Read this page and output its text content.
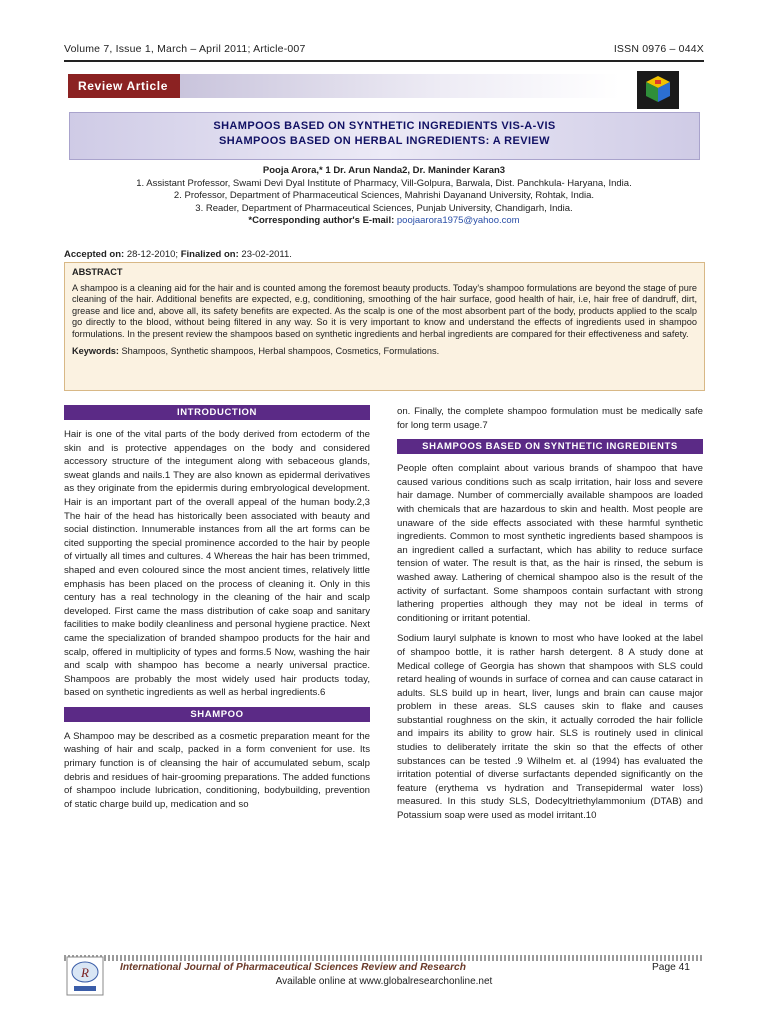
Volume 7, Issue 1, March – April 2011; Article-007	ISSN 0976 – 044X
Review Article
SHAMPOOS BASED ON SYNTHETIC INGREDIENTS VIS-A-VIS
SHAMPOOS BASED ON HERBAL INGREDIENTS: A REVIEW
Pooja Arora,* 1 Dr. Arun Nanda2, Dr. Maninder Karan3
1. Assistant Professor, Swami Devi Dyal Institute of Pharmacy, Vill-Golpura, Barwala, Dist. Panchkula- Haryana, India.
2. Professor, Department of Pharmaceutical Sciences, Mahrishi Dayanand University, Rohtak, India.
3. Reader, Department of Pharmaceutical Sciences, Punjab University, Chandigarh, India.
*Corresponding author's E-mail: poojaarora1975@yahoo.com
Accepted on: 28-12-2010; Finalized on: 23-02-2011.
ABSTRACT
A shampoo is a cleaning aid for the hair and is counted among the foremost beauty products. Today's shampoo formulations are beyond the stage of pure cleaning of the hair. Additional benefits are expected, e.g, conditioning, smoothing of the hair surface, good health of hair, i.e, hair free of dandruff, dirt, grease and lice and, above all, its safety benefits are expected. As the scalp is one of the most absorbent part of the body, products applied to the scalp go directly to the blood, without being filtered in any way. So it is very important to know and understand the effects of ingredients used in shampoo formulations. In the present review the shampoos based on synthetic ingredients and herbal ingredients are compared for their effectiveness and safety.
Keywords: Shampoos, Synthetic shampoos, Herbal shampoos, Cosmetics, Formulations.
INTRODUCTION

Hair is one of the vital parts of the body derived from ectoderm of the skin and is protective appendages on the body and considered accessory structure of the integument along with sebaceous glands, sweat glands and nails.1 They are also known as epidermal derivatives as they originate from the epidermis during embryological development. Hair is an important part of the overall appeal of the human body.2,3 The hair of the head has historically been associated with beauty and social distinction. Innumerable instances from all the art forms can be cited supporting the special prominence accorded to the hair by people of virtually all times and cultures. 4 Whereas the hair has been trimmed, shaped and even coloured since the most ancient times, relatively little emphasis has been placed on the process of cleaning it. Only in this century has a real technology in the cleaning of the hair and scalp developed. First came the mass distribution of cake soap and sanitary facilities to make bodily cleanliness and personal hygiene practice. Next came the specialization of branded shampoo products for the hair and scalp, offered in multiplicity of types and forms.5 Now, washing the hair and scalp with shampoo has become a nearly universal practice. Shampoos are probably the most widely used hair products today, based on synthetic ingredients as well as herbal ingredients.6

SHAMPOO

A Shampoo may be described as a cosmetic preparation meant for the washing of hair and scalp, packed in a form convenient for use. Its primary function is of cleansing the hair of accumulated sebum, scalp debris and residues of hair-grooming preparations. The added functions of shampoo include lubrication, conditioning, bodybuilding, prevention of static charge build up, medication and so

on. Finally, the complete shampoo formulation must be medically safe for long term usage.7

SHAMPOOS BASED ON SYNTHETIC INGREDIENTS

People often complaint about various brands of shampoo that have caused various conditions such as scalp irritation, hair loss and severe hair damage. Number of commercially available shampoos are loaded with chemicals that are hazardous to skin and health. Most people are unaware of the side effects associated with these harmful synthetic ingredients. Common to most synthetic ingredients based shampoos is an ingredient called a surfactant, which has ability to reduce surface tension of water. The result is that, as the hair is rinsed, the sebum is washed away. Lathering of chemical shampoo also is the result of the activity of surfactant. Some shampoos contain surfactant with strong lathering properties although they may not be ideal in terms of conditioning or irritant potential.

Sodium lauryl sulphate is known to most who have looked at the label of shampoo bottle, it is rather harsh detergent. 8 A study done at Medical college of Georgia has shown that shampoos with SLS could retard healing of wounds in surface of cornea and can cause cataract in adults. SLS build up in heart, liver, lungs and brain can cause major problem in these areas. SLS causes skin to flake and causes substantial roughness on the skin, it actually corroded the hair follicle and impairs its ability to grow hair. SLS is routinely used in clinical studies to deliberately irritate the skin so that the effects of other substances can be tested .9 Wilhelm et. al (1994) has evaluated the irritation potential of diverse surfactants depended significantly on the feature (erythema vs hydration and Transepidermal water loss) measured. In this study SLS, Dodecyltriethylammonium (DTAB) and Potassium soap were used as model irritant.10

R	International Journal of Pharmaceutical Sciences Review and Research	Page 41
Available online at www.globalresearchonline.net
